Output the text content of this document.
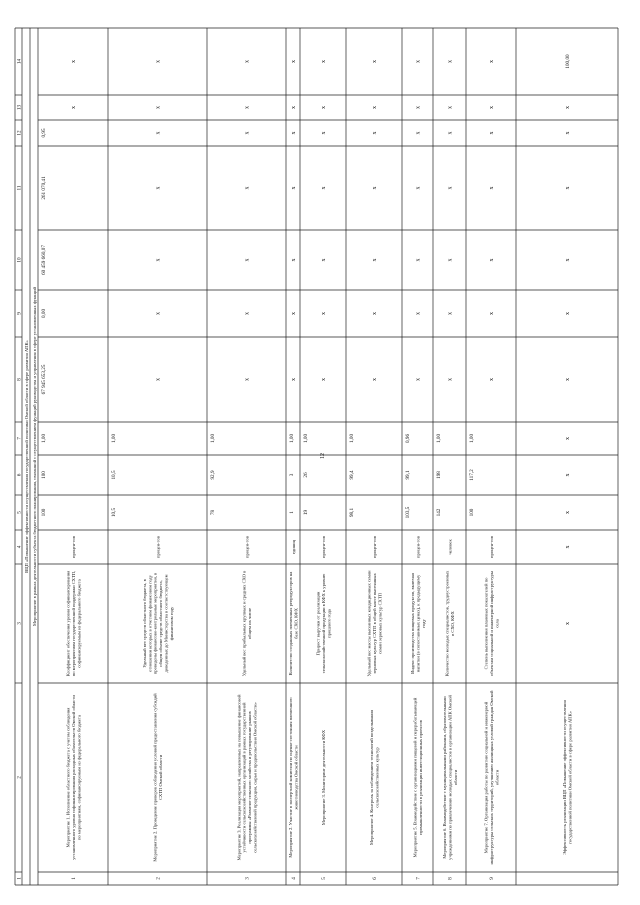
12
1
2
3
4
5
6
7
8
9
10
11
12
13
14
ВЦП «Повышение эффективности осуществления государственной политики Омской области в сфере развития АПК» Мероприятие в рамках деятельности субъекта бюджетного планирования, связанной с осуществлением функций руководства и управления в сфере установленных функций
1
Мероприятие 1. Исполнение областного бюджета с учетом соблюденияустановленного уровня софинансирования расходных обязательств Омской областипо мероприятиям, софинансируемым из федерального бюджета
Коэффициент обеспечения уровня софинансированияпо мероприятиям государственной поддержки СХТП,софинансируемым из федерального бюджета
процен-тов
100
100
1,00
67 945 653,25
0,00
60 459 660,07
261 070,41
0,95
х
х
2
Мероприятие 2. Проведение проверок соблюдения условий предоставления субсидийСХТП Омской области
Удельный вес средств областного бюджета, вотношении которых в отчетном финансовом годупроведены финансово-контрольные мероприятия, вобщем объеме средств областного бюджета,доведенных до Министерства в соответствующемфинансовом году
процен-тов
10,5
10,5
1,00
х
х
х
х
х
х
х
3
Мероприятие 3. Реализация мероприятий, направленных на повышение финансовойустойчивости сельскохозяйственных организаций в рамках государственнойпрограммы «Развитие сельского хозяйства и регулирование рынковсельскохозяйственной продукции, сырья и продовольствия Омской области»
Удельный вес прибыльных крупных и средних СХО вобщем их числе
процен-тов
78
92,9
1,00
х
х
х
х
х
х
х
4
Мероприятие 2. Участие в экспертной комиссии по оценке состояния племенногоживотноводства Омской области
Количество созданных племенных репродукторов набазе СХО, КФХ
единиц
1
3
1,00
х
х
х
х
х
х
х
5
Мероприятие 3. Мониторинг деятельности КФХ
Прирост выручки от реализациисельскохозяйственной продукции в КФХ к уровнюпрошлого года
процен-тов
19
26
1,00
х
х
х
х
х
х
х
6
Мероприятие 4. Контроль за соблюдением технологий возделываниясельскохозяйственных культур
Удельный вес массы высеянных кондиционных семянзерновых культур СХТП в общей массе высеянныхсемян зерновых культур СХТП
процен-тов
98,1
99,4
1,00
х
х
х
х
х
х
х
7
Мероприятие 5. Взаимодействие с организациями пищевой и перерабатывающейпромышленности в реализации инвестиционных проектов
Индекс производства пищевых продуктов, включаянапитки (в сопоставимых ценах), к предыдущемугоду
процен-тов
103,5
99,1
0,96
х
х
х
х
х
х
х
8
Мероприятие 6. Взаимодействие с муниципальными районами, образовательнымиучреждениями по привлечению молодых специалистов в организации АПК Омскойобласти
Количество молодых специалистов, трудоустроенныхв СХО, КФХ
человек
142
198
1,00
х
х
х
х
х
х
х
9
Мероприятие 7. Организация работы по развитию социальной и инженернойинфраструктуры сельских территорий, улучшению жилищных условий граждан Омскойобласти
Степень выполнения плановых показателей пообъектам социальной и инженерной инфраструктурысела
процен-тов
100
117,2
1,00
х
х
х
х
х
х
х
Эффективность реализации ВЦП «Повышение эффективности осуществлениягосударственной политики Омской области в сфере развития АПК»
х
х
х
х
х
х
х
х
х
х
х
100,00
